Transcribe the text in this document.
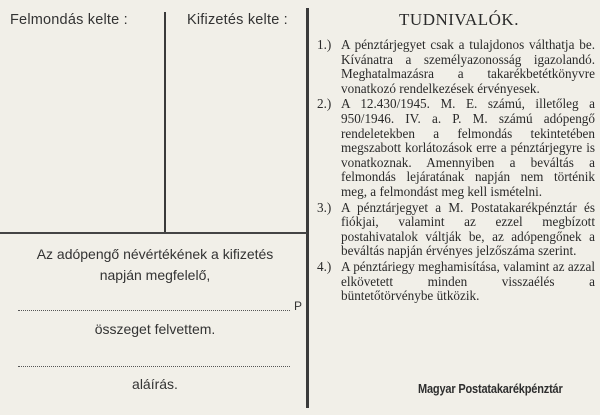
Felmondás kelte :	Kifizetés kelte :
Az adópengő névértékének a kifizetés
napján megfelelő,
P
összeget felvettem.
aláírás.
TUDNIVALÓK.
1.) A pénztárjegyet csak a tulajdonos válthatja be. Kívánatra a személyazonosság igazolandó. Meghatalmazásra a takarékbetétkönyvre vonatkozó rendelkezések érvényesek.
2.) A 12.430/1945. M. E. számú, illetőleg a 950/1946. IV. a. P. M. számú adópengő rendeletekben a felmondás tekintetében megszabott korlátozások erre a pénztárjegyre is vonatkoznak. Amennyiben a beváltás a felmondás lejáratának napján nem történik meg, a felmondást meg kell ismételni.
3.) A pénztárjegyet a M. Postatakarékpénztár és fiókjai, valamint az ezzel megbízott postahivatalok váltják be, az adópengőnek a beváltás napján érvényes jelzőszáma szerint.
4.) A pénztáriegy meghamisítása, valamint az azzal elkövetett minden visszaélés a büntetőtörvénybe ütközik.
Magyar Postatakarékpénztár
